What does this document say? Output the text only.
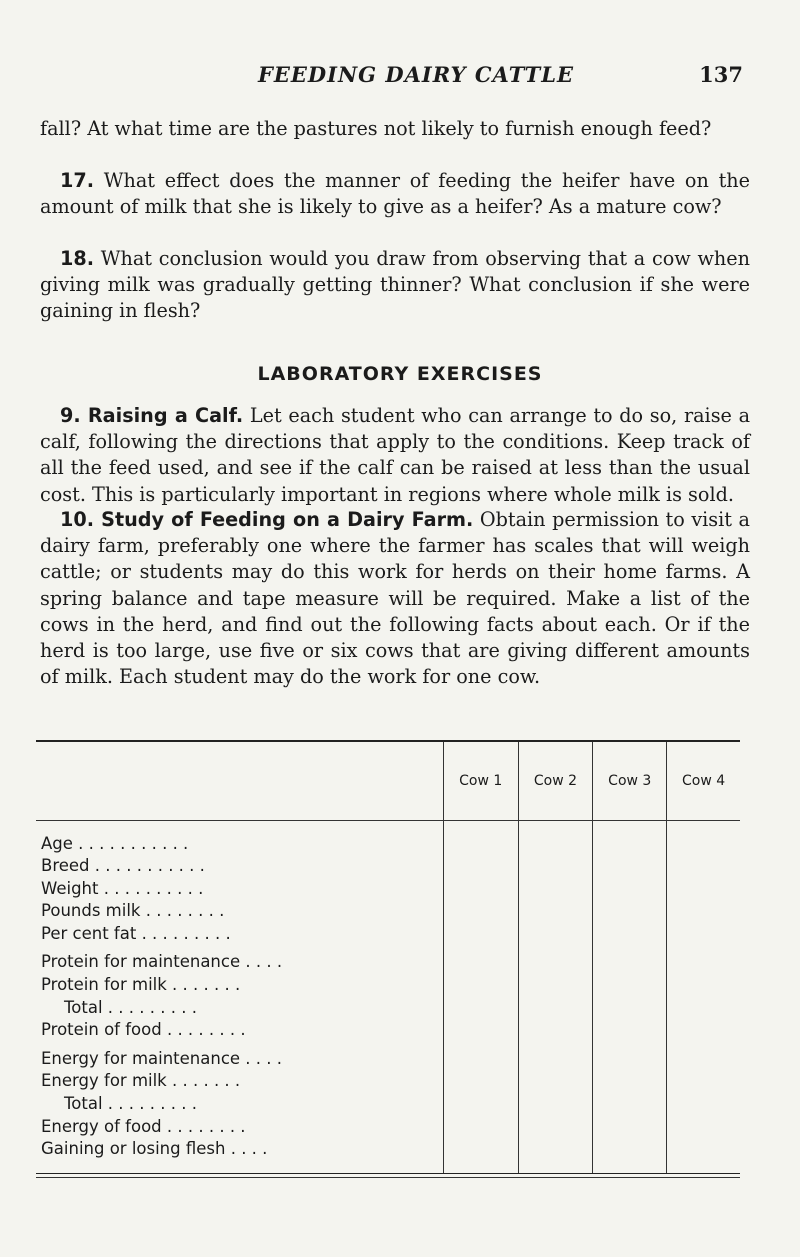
FEEDING DAIRY CATTLE	137

fall? At what time are the pastures not likely to furnish enough feed?

17. What effect does the manner of feeding the heifer have on the amount of milk that she is likely to give as a heifer? As a mature cow?

18. What conclusion would you draw from observing that a cow when giving milk was gradually getting thinner? What conclusion if she were gaining in flesh?

LABORATORY EXERCISES

9. Raising a Calf. Let each student who can arrange to do so, raise a calf, following the directions that apply to the conditions. Keep track of all the feed used, and see if the calf can be raised at less than the usual cost. This is particularly important in regions where whole milk is sold.

10. Study of Feeding on a Dairy Farm. Obtain permission to visit a dairy farm, preferably one where the farmer has scales that will weigh cattle; or students may do this work for herds on their home farms. A spring balance and tape measure will be required. Make a list of the cows in the herd, and find out the following facts about each. Or if the herd is too large, use five or six cows that are giving different amounts of milk. Each student may do the work for one cow.

Cow 1	Cow 2	Cow 3	Cow 4
Age . . . . . . . . . . .
Breed . . . . . . . . . . .
Weight . . . . . . . . . .
Pounds milk . . . . . . . .
Per cent fat . . . . . . . . .
Protein for maintenance . . . .
Protein for milk . . . . . . .
Total . . . . . . . . .
Protein of food . . . . . . . .
Energy for maintenance . . . .
Energy for milk . . . . . . .
Total . . . . . . . . .
Energy of food . . . . . . . .
Gaining or losing flesh . . . .
